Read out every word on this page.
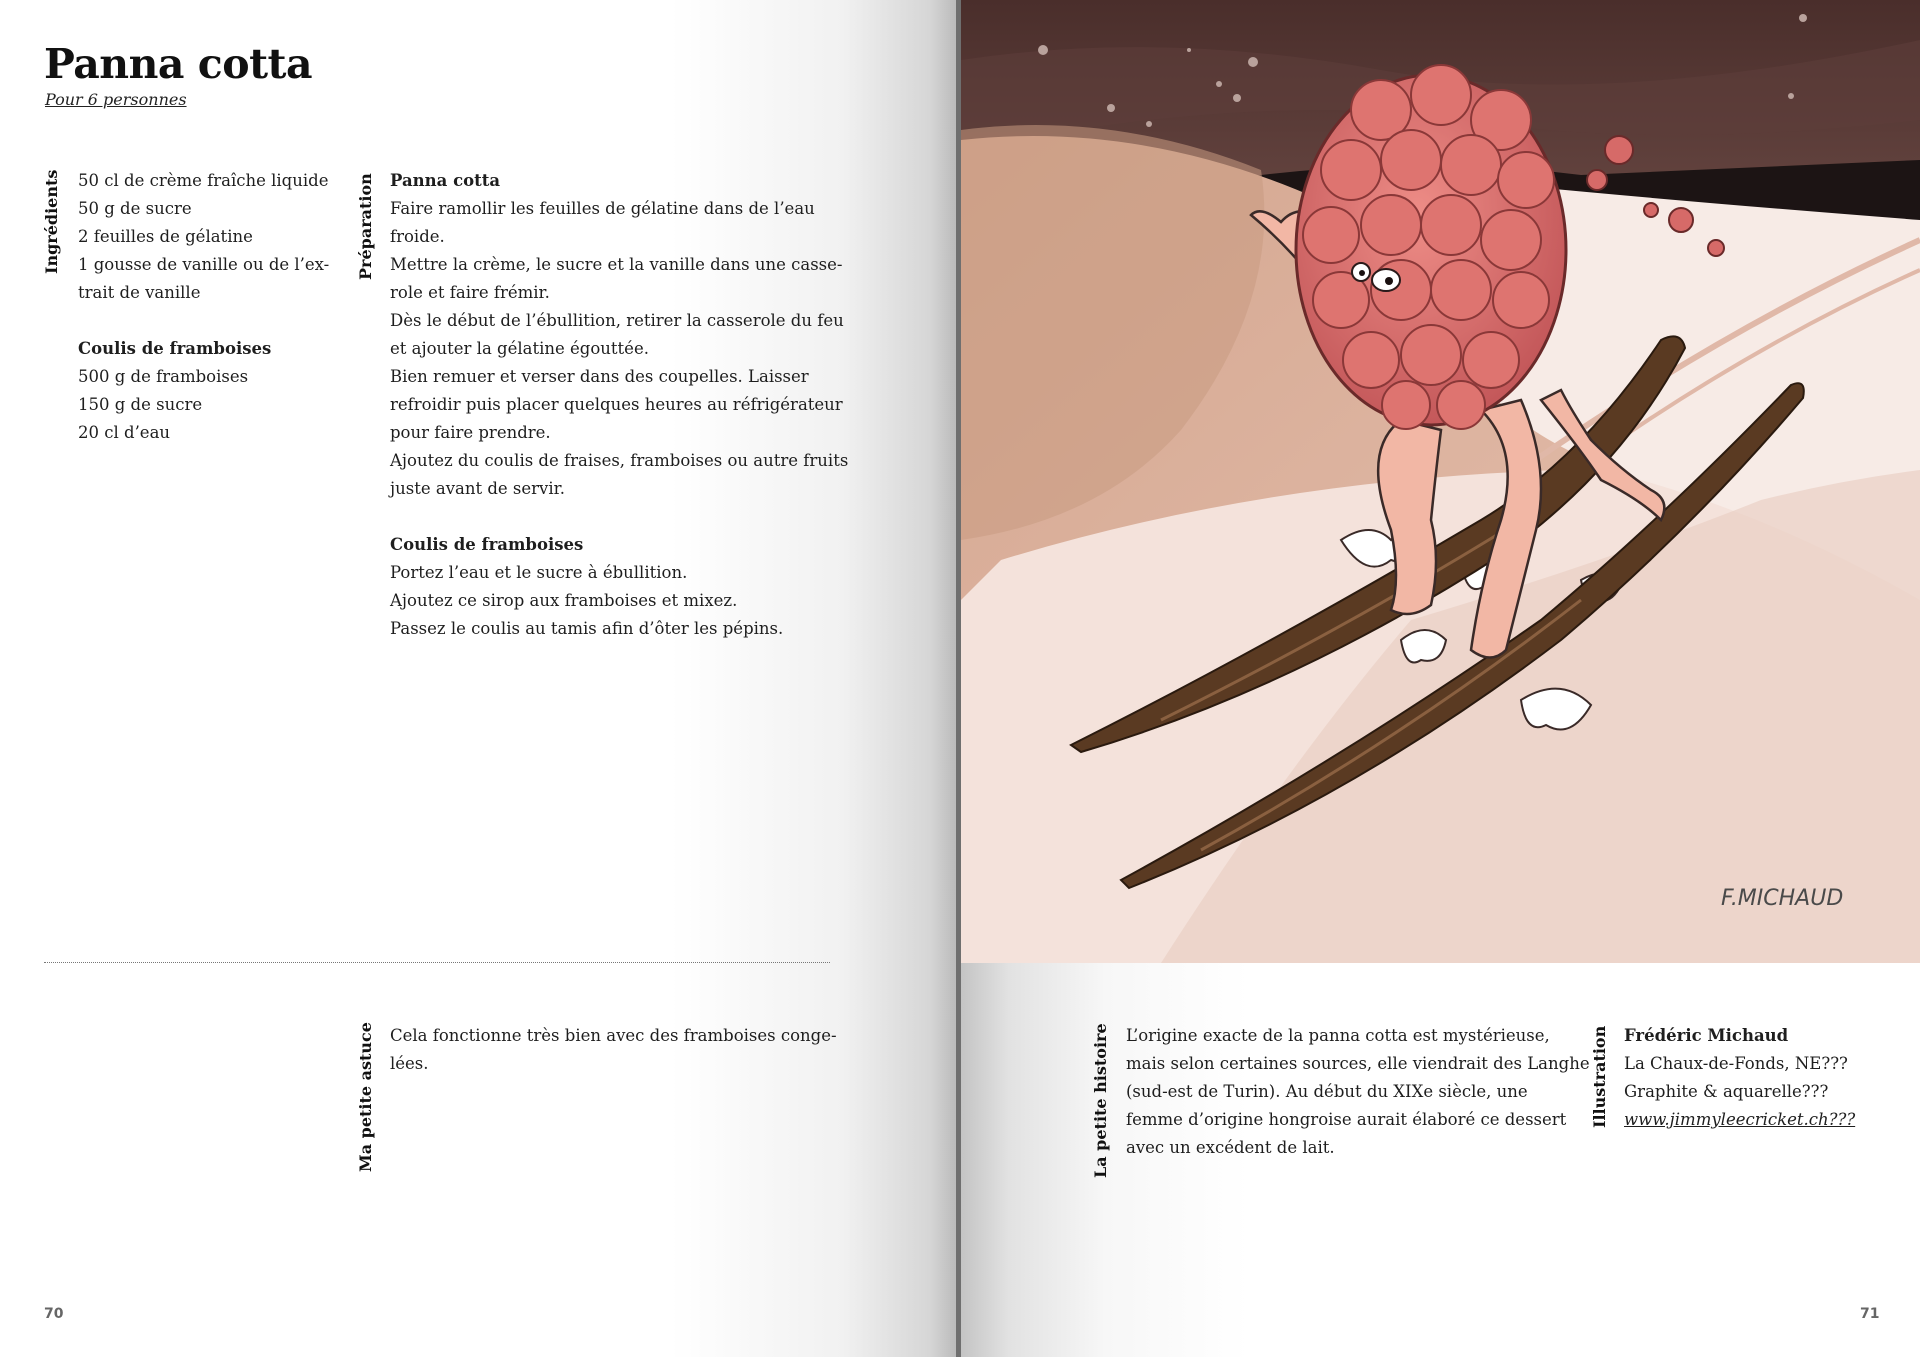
Panna cotta
Pour 6 personnes
Ingrédients 50 cl de crème fraîche liquide
50 g de sucre
2 feuilles de gélatine
1 gousse de vanille ou de l’ex-
trait de vanille
Coulis de framboises
500 g de framboises
150 g de sucre
20 cl d’eau
Préparation Panna cotta
Faire ramollir les feuilles de gélatine dans de l’eau
froide.
Mettre la crème, le sucre et la vanille dans une casse-
role et faire frémir.
Dès le début de l’ébullition, retirer la casserole du feu
et ajouter la gélatine égouttée.
Bien remuer et verser dans des coupelles. Laisser
refroidir puis placer quelques heures au réfrigérateur
pour faire prendre.
Ajoutez du coulis de fraises, framboises ou autre fruits
juste avant de servir.
Coulis de framboises
Portez l’eau et le sucre à ébullition.
Ajoutez ce sirop aux framboises et mixez.
Passez le coulis au tamis afin d’ôter les pépins.
Ma petite astuce Cela fonctionne très bien avec des framboises conge-
lées.
70
F.MICHAUD
La petite histoire L’origine exacte de la panna cotta est mystérieuse,
mais selon certaines sources, elle viendrait des Langhe
(sud-est de Turin). Au début du XIXe siècle, une
femme d’origine hongroise aurait élaboré ce dessert
avec un excédent de lait.
Illustration Frédéric Michaud
La Chaux-de-Fonds, NE???
Graphite & aquarelle???
www.jimmyleecricket.ch???
71
